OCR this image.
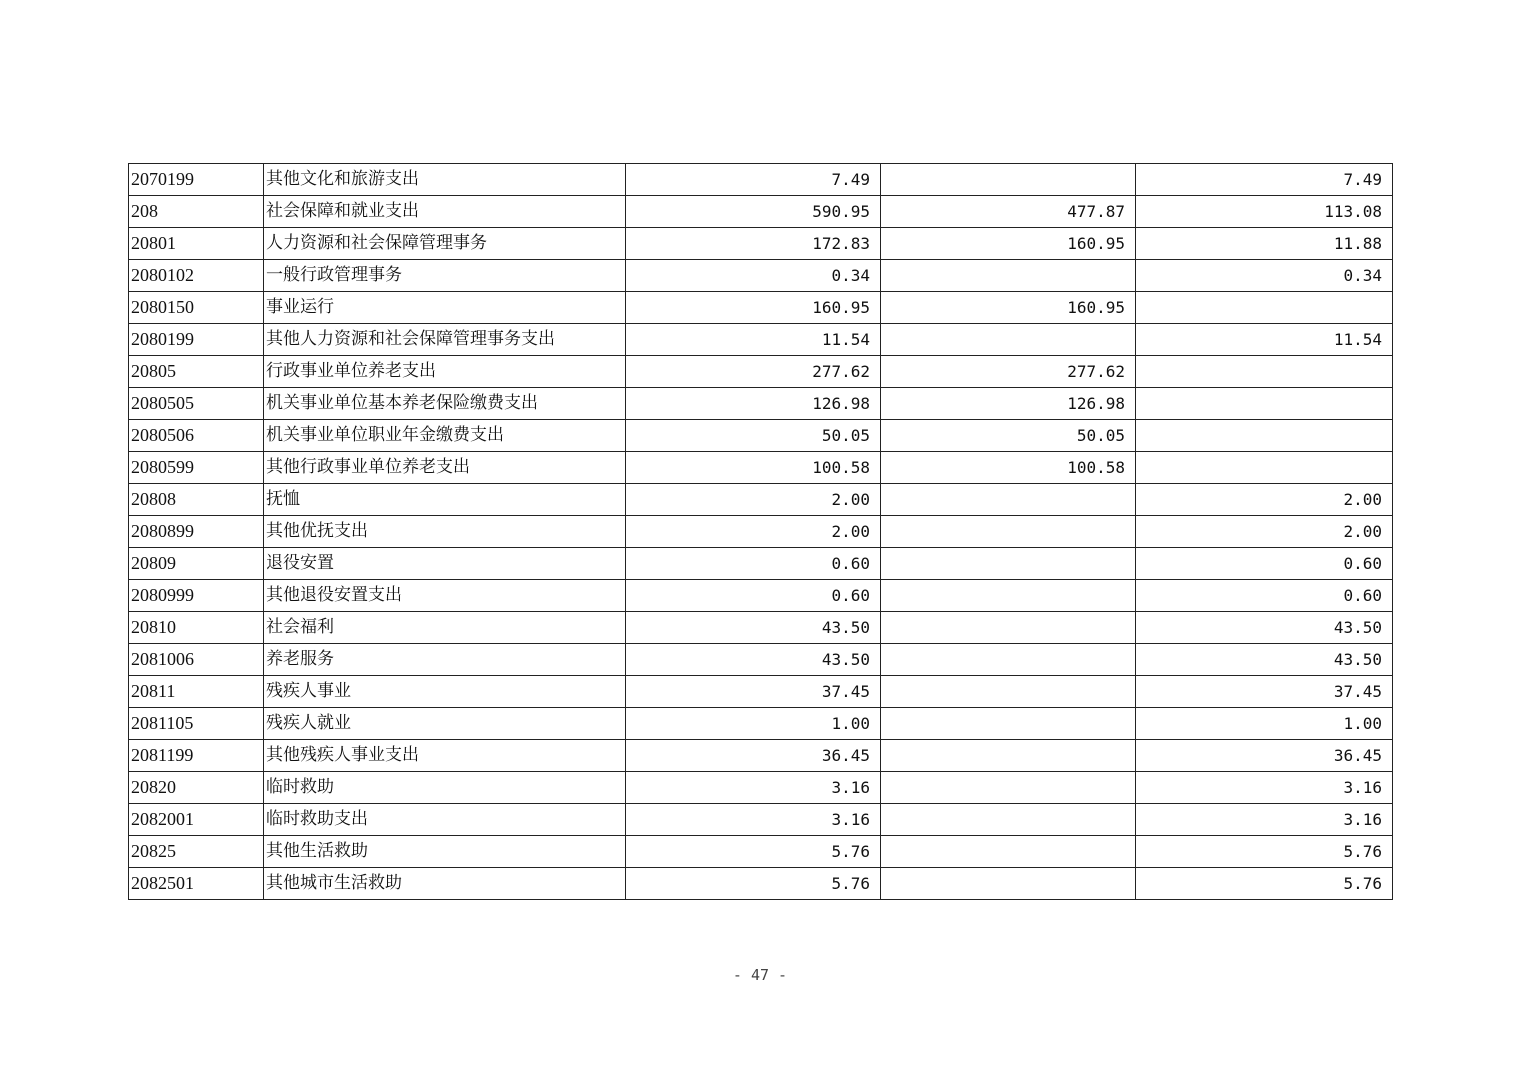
2070199	其他文化和旅游支出	7.49		7.49
208	社会保障和就业支出	590.95	477.87	113.08
20801	人力资源和社会保障管理事务	172.83	160.95	11.88
2080102	一般行政管理事务	0.34		0.34
2080150	事业运行	160.95	160.95	
2080199	其他人力资源和社会保障管理事务支出	11.54		11.54
20805	行政事业单位养老支出	277.62	277.62	
2080505	机关事业单位基本养老保险缴费支出	126.98	126.98	
2080506	机关事业单位职业年金缴费支出	50.05	50.05	
2080599	其他行政事业单位养老支出	100.58	100.58	
20808	抚恤	2.00		2.00
2080899	其他优抚支出	2.00		2.00
20809	退役安置	0.60		0.60
2080999	其他退役安置支出	0.60		0.60
20810	社会福利	43.50		43.50
2081006	养老服务	43.50		43.50
20811	残疾人事业	37.45		37.45
2081105	残疾人就业	1.00		1.00
2081199	其他残疾人事业支出	36.45		36.45
20820	临时救助	3.16		3.16
2082001	临时救助支出	3.16		3.16
20825	其他生活救助	5.76		5.76
2082501	其他城市生活救助	5.76		5.76
- 47 -
